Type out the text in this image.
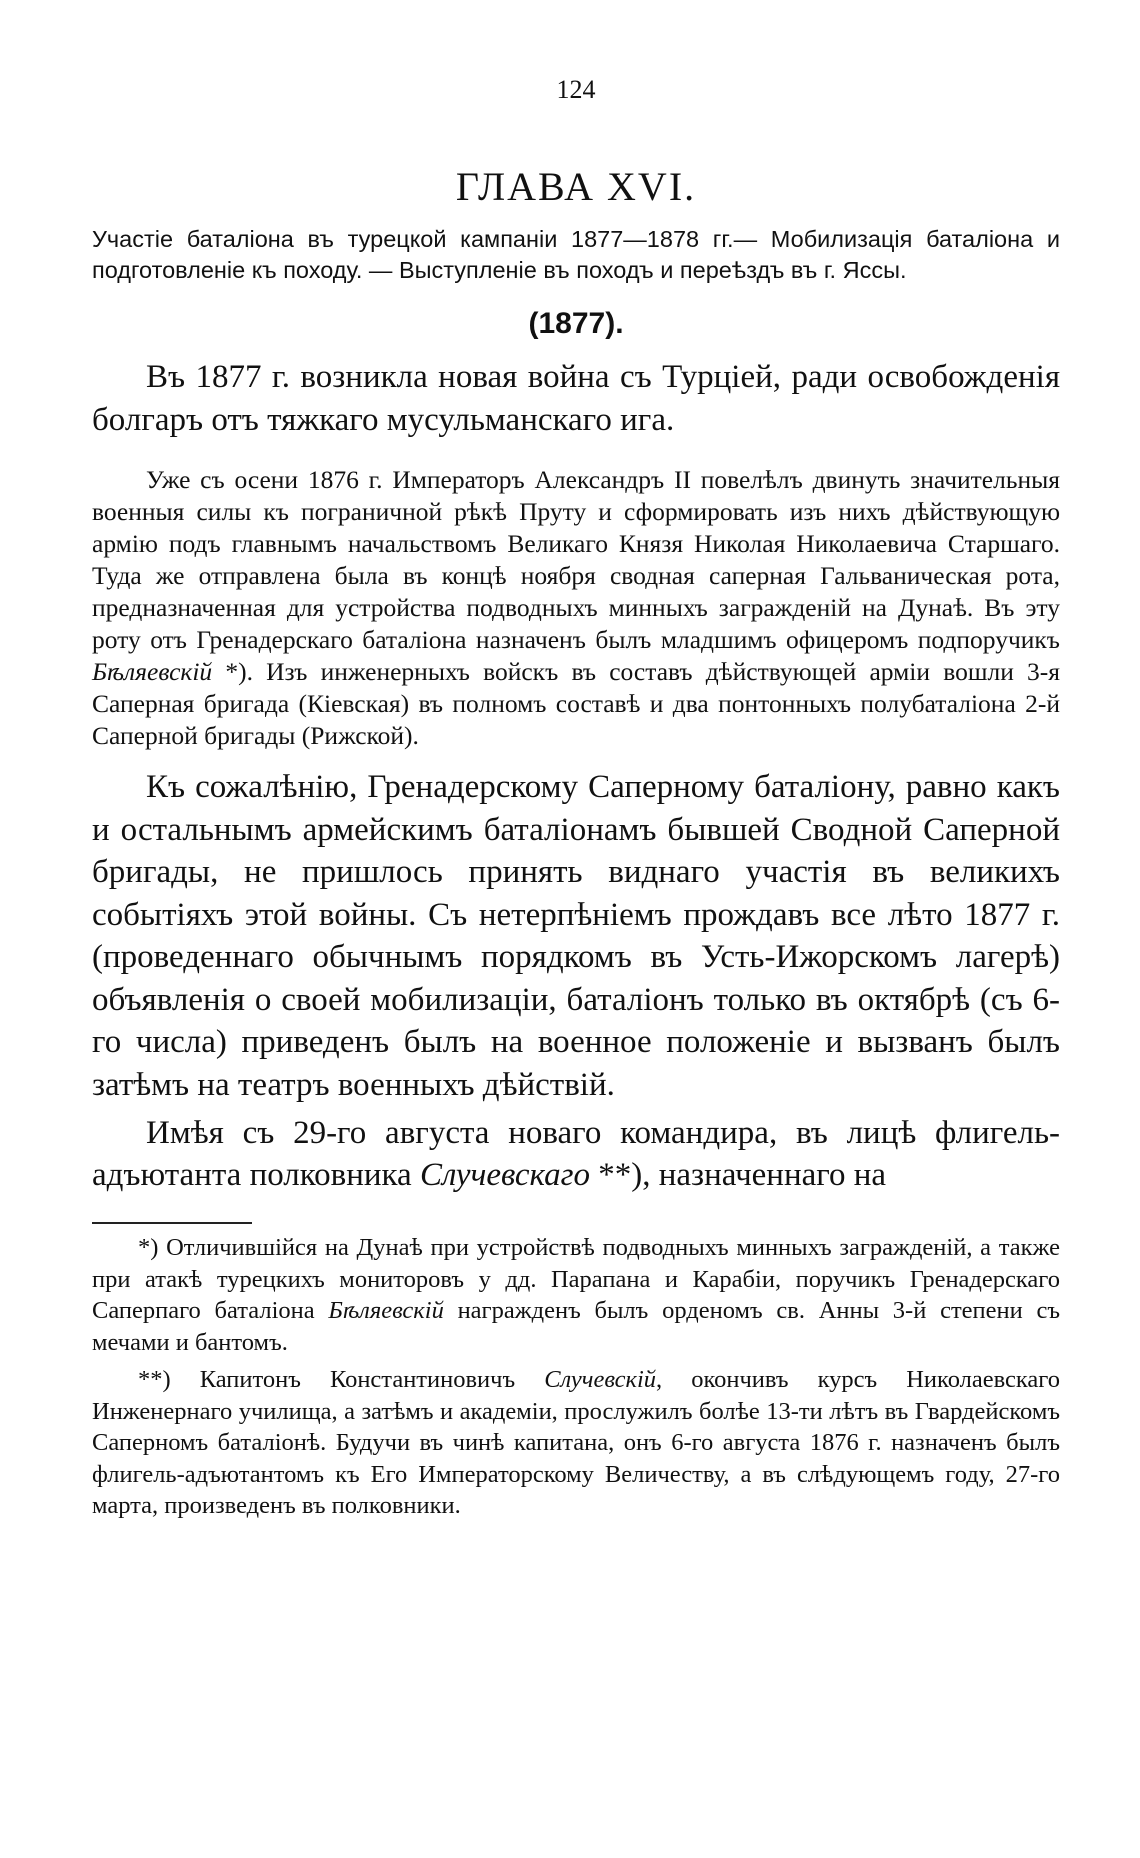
124
ГЛАВА XVI.
Участіе баталіона въ турецкой кампаніи 1877—1878 гг.— Мобилизація баталіона и подготовленіе къ походу. — Выступленіе въ походъ и переѣздъ въ г. Яссы.
(1877).

Въ 1877 г. возникла новая война съ Турціей, ради освобожденія болгаръ отъ тяжкаго мусульманскаго ига.

Уже съ осени 1876 г. Императоръ Александръ II повелѣлъ двинуть значительныя военныя силы къ пограничной рѣкѣ Пруту и сформировать изъ нихъ дѣйствующую армію подъ главнымъ начальствомъ Великаго Князя Николая Николаевича Старшаго. Туда же отправлена была въ концѣ ноября сводная саперная Гальваническая рота, предназначенная для устройства подводныхъ минныхъ загражденій на Дунаѣ. Въ эту роту отъ Гренадерскаго баталіона назначенъ былъ младшимъ офицеромъ подпоручикъ Бѣляевскій *). Изъ инженерныхъ войскъ въ составъ дѣйствующей арміи вошли 3-я Саперная бригада (Кіевская) въ полномъ составѣ и два понтонныхъ полубаталіона 2-й Саперной бригады (Рижской).

Къ сожалѣнію, Гренадерскому Саперному баталіону, равно какъ и остальнымъ армейскимъ баталіонамъ бывшей Сводной Саперной бригады, не пришлось принять виднаго участія въ великихъ событіяхъ этой войны. Съ нетерпѣніемъ прождавъ все лѣто 1877 г. (проведеннаго обычнымъ порядкомъ въ Усть-Ижорскомъ лагерѣ) объявленія о своей мобилизаціи, баталіонъ только въ октябрѣ (съ 6-го числа) приведенъ былъ на военное положеніе и вызванъ былъ затѣмъ на театръ военныхъ дѣйствій.

Имѣя съ 29-го августа новаго командира, въ лицѣ флигель-адъютанта полковника Случевскаго **), назначеннаго на

*) Отличившійся на Дунаѣ при устройствѣ подводныхъ минныхъ загражденій, а также при атакѣ турецкихъ мониторовъ у дд. Парапана и Карабіи, поручикъ Гренадерскаго Саперпаго баталіона Бѣляевскій награжденъ былъ орденомъ св. Анны 3-й степени съ мечами и бантомъ.

**) Капитонъ Константиновичъ Случевскій, окончивъ курсъ Николаевскаго Инженернаго училища, а затѣмъ и академіи, прослужилъ болѣе 13-ти лѣтъ въ Гвардейскомъ Саперномъ баталіонѣ. Будучи въ чинѣ капитана, онъ 6-го августа 1876 г. назначенъ былъ флигель-адъютантомъ къ Его Императорскому Величеству, а въ слѣдующемъ году, 27-го марта, произведенъ въ полковники.
